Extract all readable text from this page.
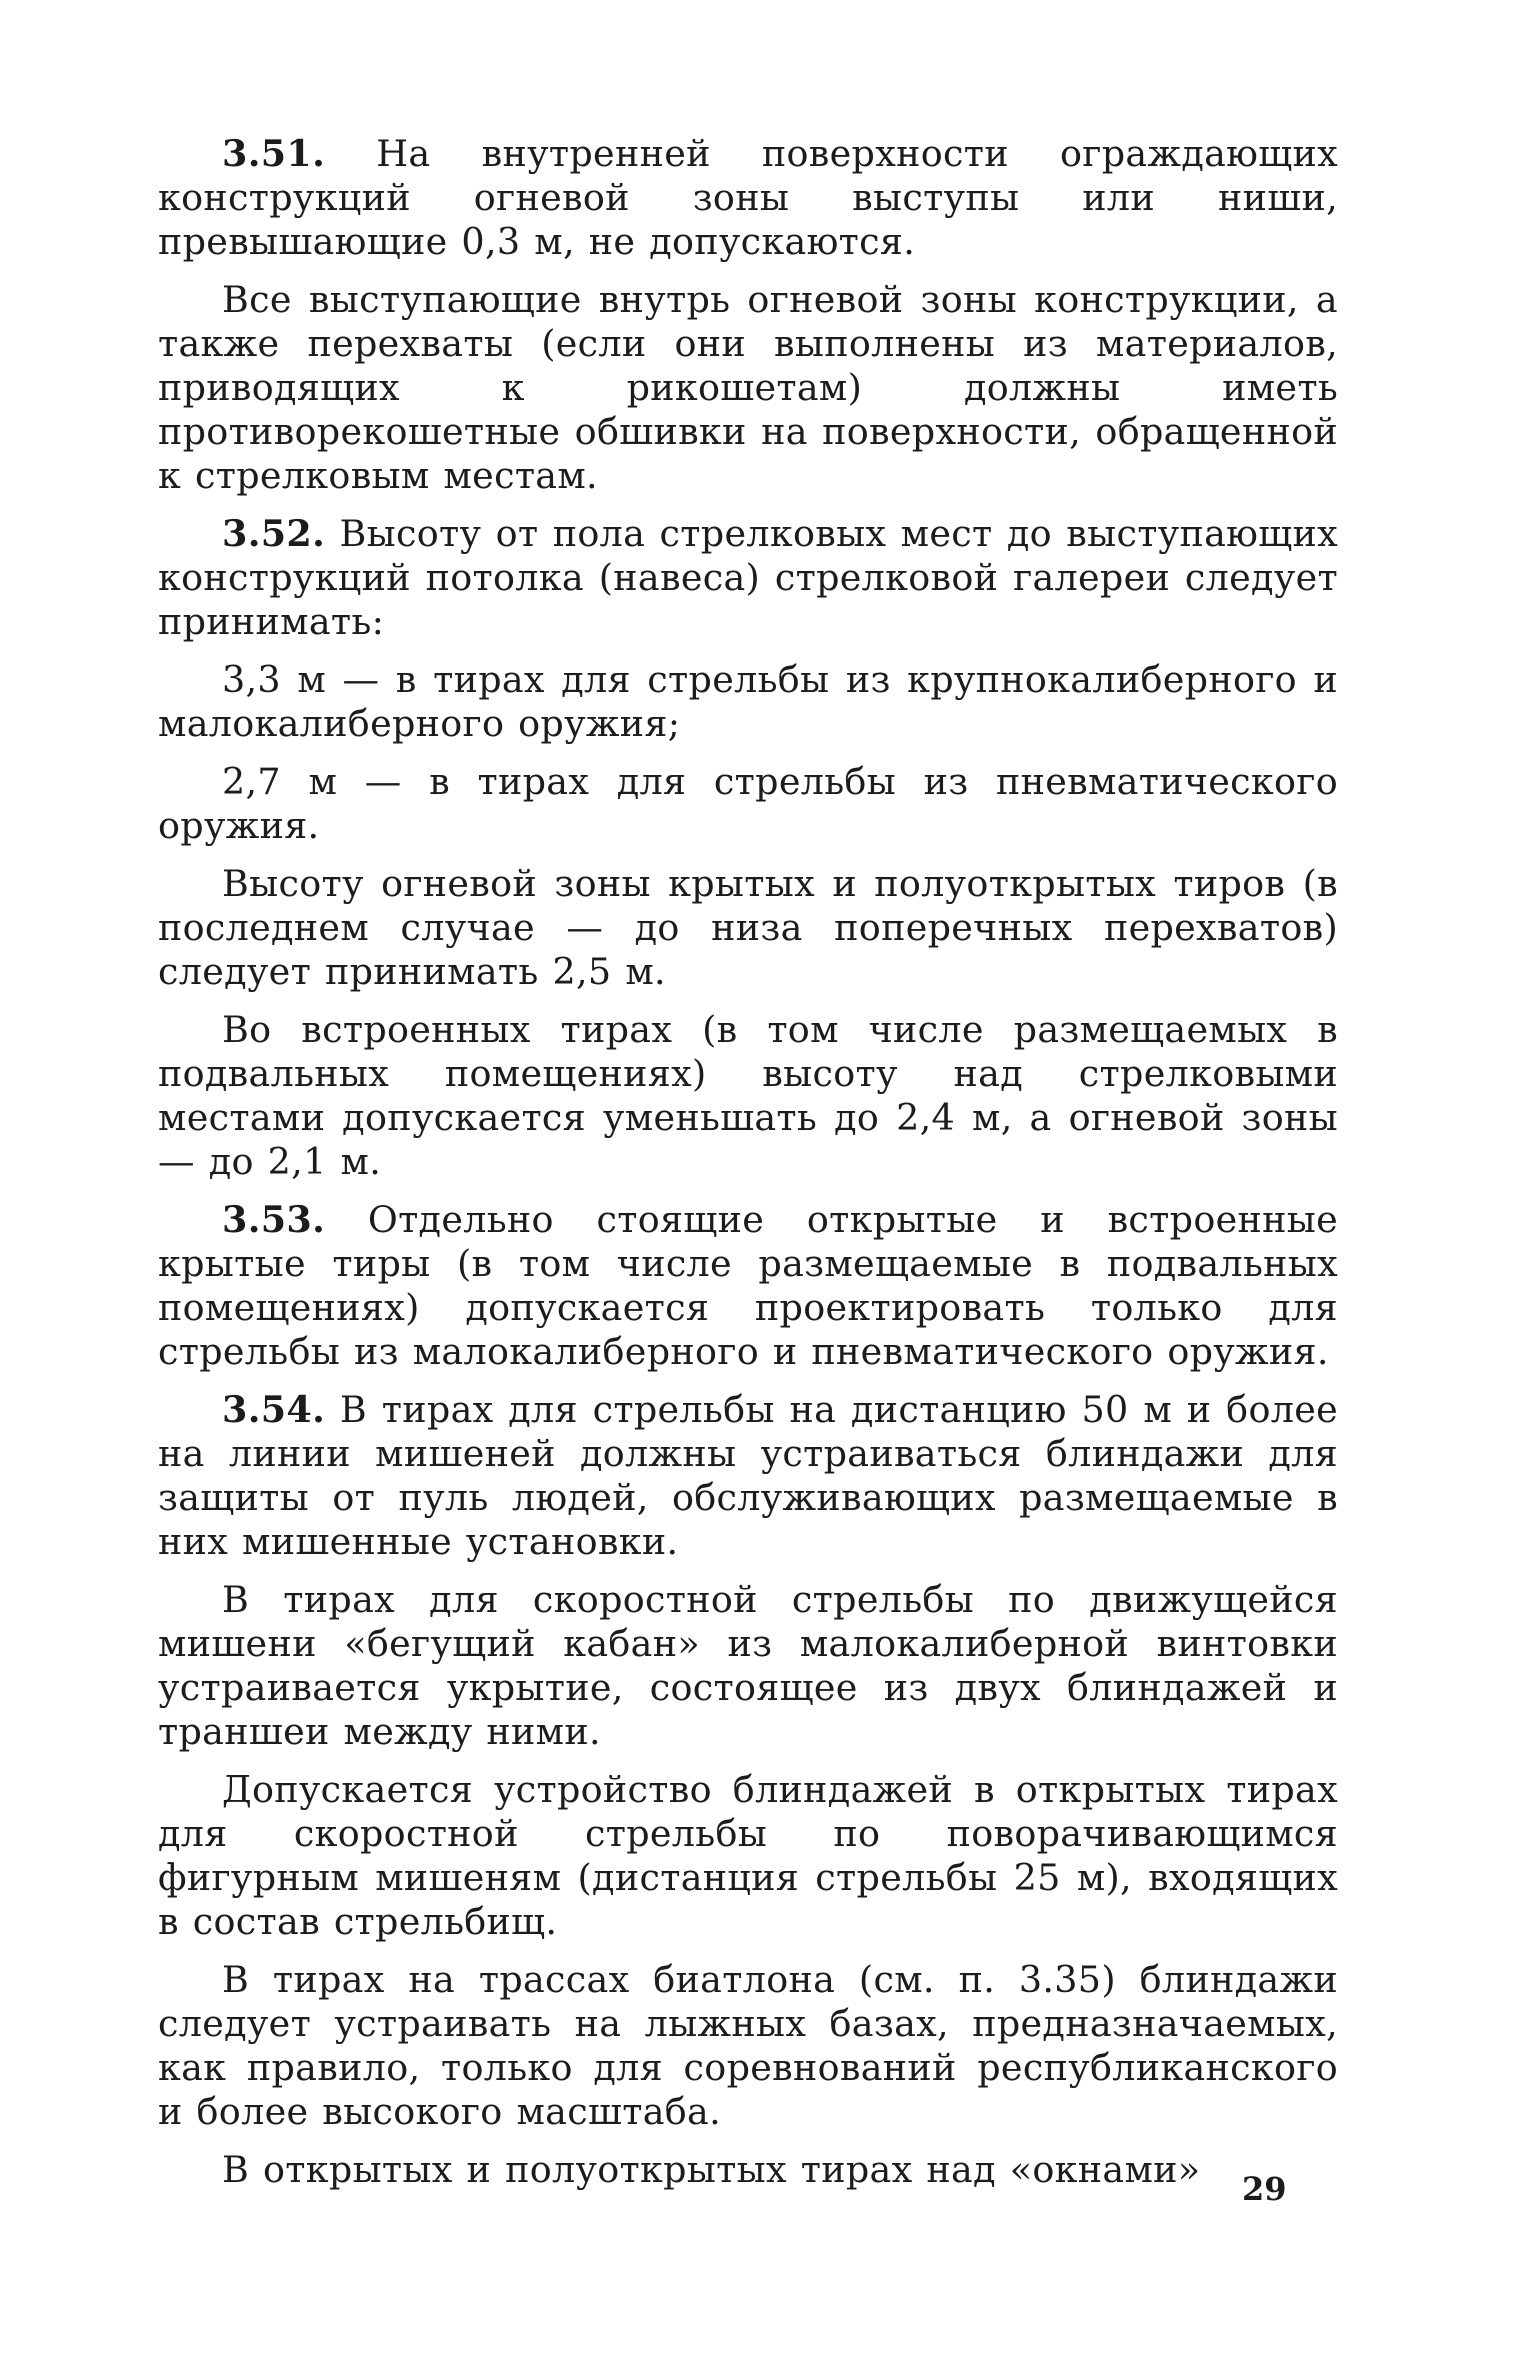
3.51. На внутренней поверхности ограждающих конструкций огневой зоны выступы или ниши, превышающие 0,3 м, не допускаются.

Все выступающие внутрь огневой зоны конструкции, а также перехваты (если они выполнены из материалов, приводящих к рикошетам) должны иметь противорекошетные обшивки на поверхности, обращенной к стрелковым местам.

3.52. Высоту от пола стрелковых мест до выступающих конструкций потолка (навеса) стрелковой галереи следует принимать:

3,3 м — в тирах для стрельбы из крупнокалиберного и малокалиберного оружия;

2,7 м — в тирах для стрельбы из пневматического оружия.

Высоту огневой зоны крытых и полуоткрытых тиров (в последнем случае — до низа поперечных перехватов) следует принимать 2,5 м.

Во встроенных тирах (в том числе размещаемых в подвальных помещениях) высоту над стрелковыми местами допускается уменьшать до 2,4 м, а огневой зоны — до 2,1 м.

3.53. Отдельно стоящие открытые и встроенные крытые тиры (в том числе размещаемые в подвальных помещениях) допускается проектировать только для стрельбы из малокалиберного и пневматического оружия.

3.54. В тирах для стрельбы на дистанцию 50 м и более на линии мишеней должны устраиваться блиндажи для защиты от пуль людей, обслуживающих размещаемые в них мишенные установки.

В тирах для скоростной стрельбы по движущейся мишени «бегущий кабан» из малокалиберной винтовки устраивается укрытие, состоящее из двух блиндажей и траншеи между ними.

Допускается устройство блиндажей в открытых тирах для скоростной стрельбы по поворачивающимся фигурным мишеням (дистанция стрельбы 25 м), входящих в состав стрельбищ.

В тирах на трассах биатлона (см. п. 3.35) блиндажи следует устраивать на лыжных базах, предназначаемых, как правило, только для соревнований республиканского и более высокого масштаба.

В открытых и полуоткрытых тирах над «окнами»	29
